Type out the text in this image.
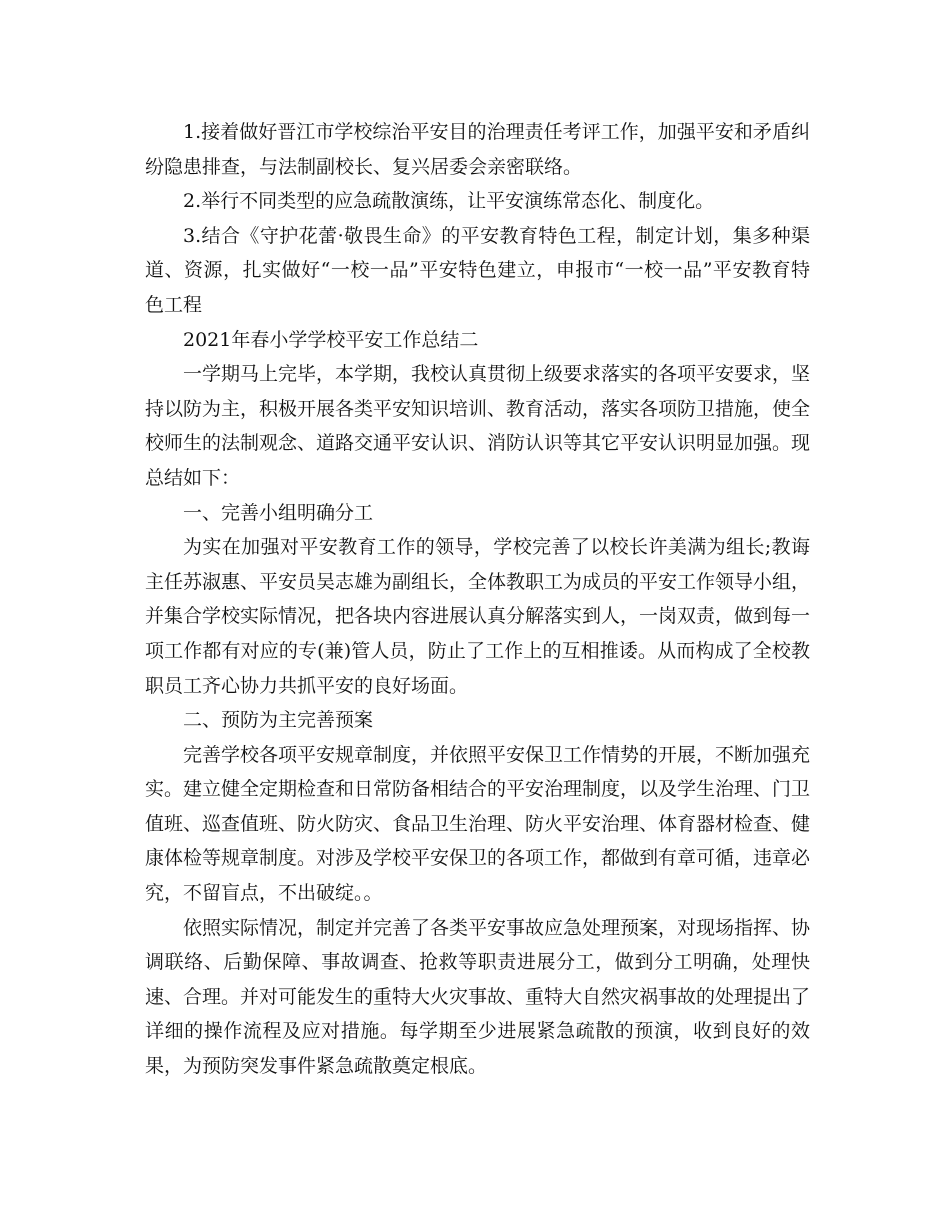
1.接着做好晋江市学校综治平安目的治理责任考评工作，加强平安和矛盾纠纷隐患排查，与法制副校长、复兴居委会亲密联络。

2.举行不同类型的应急疏散演练，让平安演练常态化、制度化。

3.结合《守护花蕾·敬畏生命》的平安教育特色工程，制定计划，集多种渠道、资源，扎实做好“一校一品”平安特色建立，申报市“一校一品”平安教育特色工程

2021年春小学学校平安工作总结二

一学期马上完毕，本学期，我校认真贯彻上级要求落实的各项平安要求，坚持以防为主，积极开展各类平安知识培训、教育活动，落实各项防卫措施，使全校师生的法制观念、道路交通平安认识、消防认识等其它平安认识明显加强。现总结如下：

一、完善小组明确分工

为实在加强对平安教育工作的领导，学校完善了以校长许美满为组长;教诲主任苏淑惠、平安员吴志雄为副组长，全体教职工为成员的平安工作领导小组，并集合学校实际情况，把各块内容进展认真分解落实到人，一岗双责，做到每一项工作都有对应的专(兼)管人员，防止了工作上的互相推诿。从而构成了全校教职员工齐心协力共抓平安的良好场面。

二、预防为主完善预案

完善学校各项平安规章制度，并依照平安保卫工作情势的开展，不断加强充实。建立健全定期检查和日常防备相结合的平安治理制度，以及学生治理、门卫值班、巡查值班、防火防灾、食品卫生治理、防火平安治理、体育器材检查、健康体检等规章制度。对涉及学校平安保卫的各项工作，都做到有章可循，违章必究，不留盲点，不出破绽。。

依照实际情况，制定并完善了各类平安事故应急处理预案，对现场指挥、协调联络、后勤保障、事故调查、抢救等职责进展分工，做到分工明确，处理快速、合理。并对可能发生的重特大火灾事故、重特大自然灾祸事故的处理提出了详细的操作流程及应对措施。每学期至少进展紧急疏散的预演，收到良好的效果，为预防突发事件紧急疏散奠定根底。
